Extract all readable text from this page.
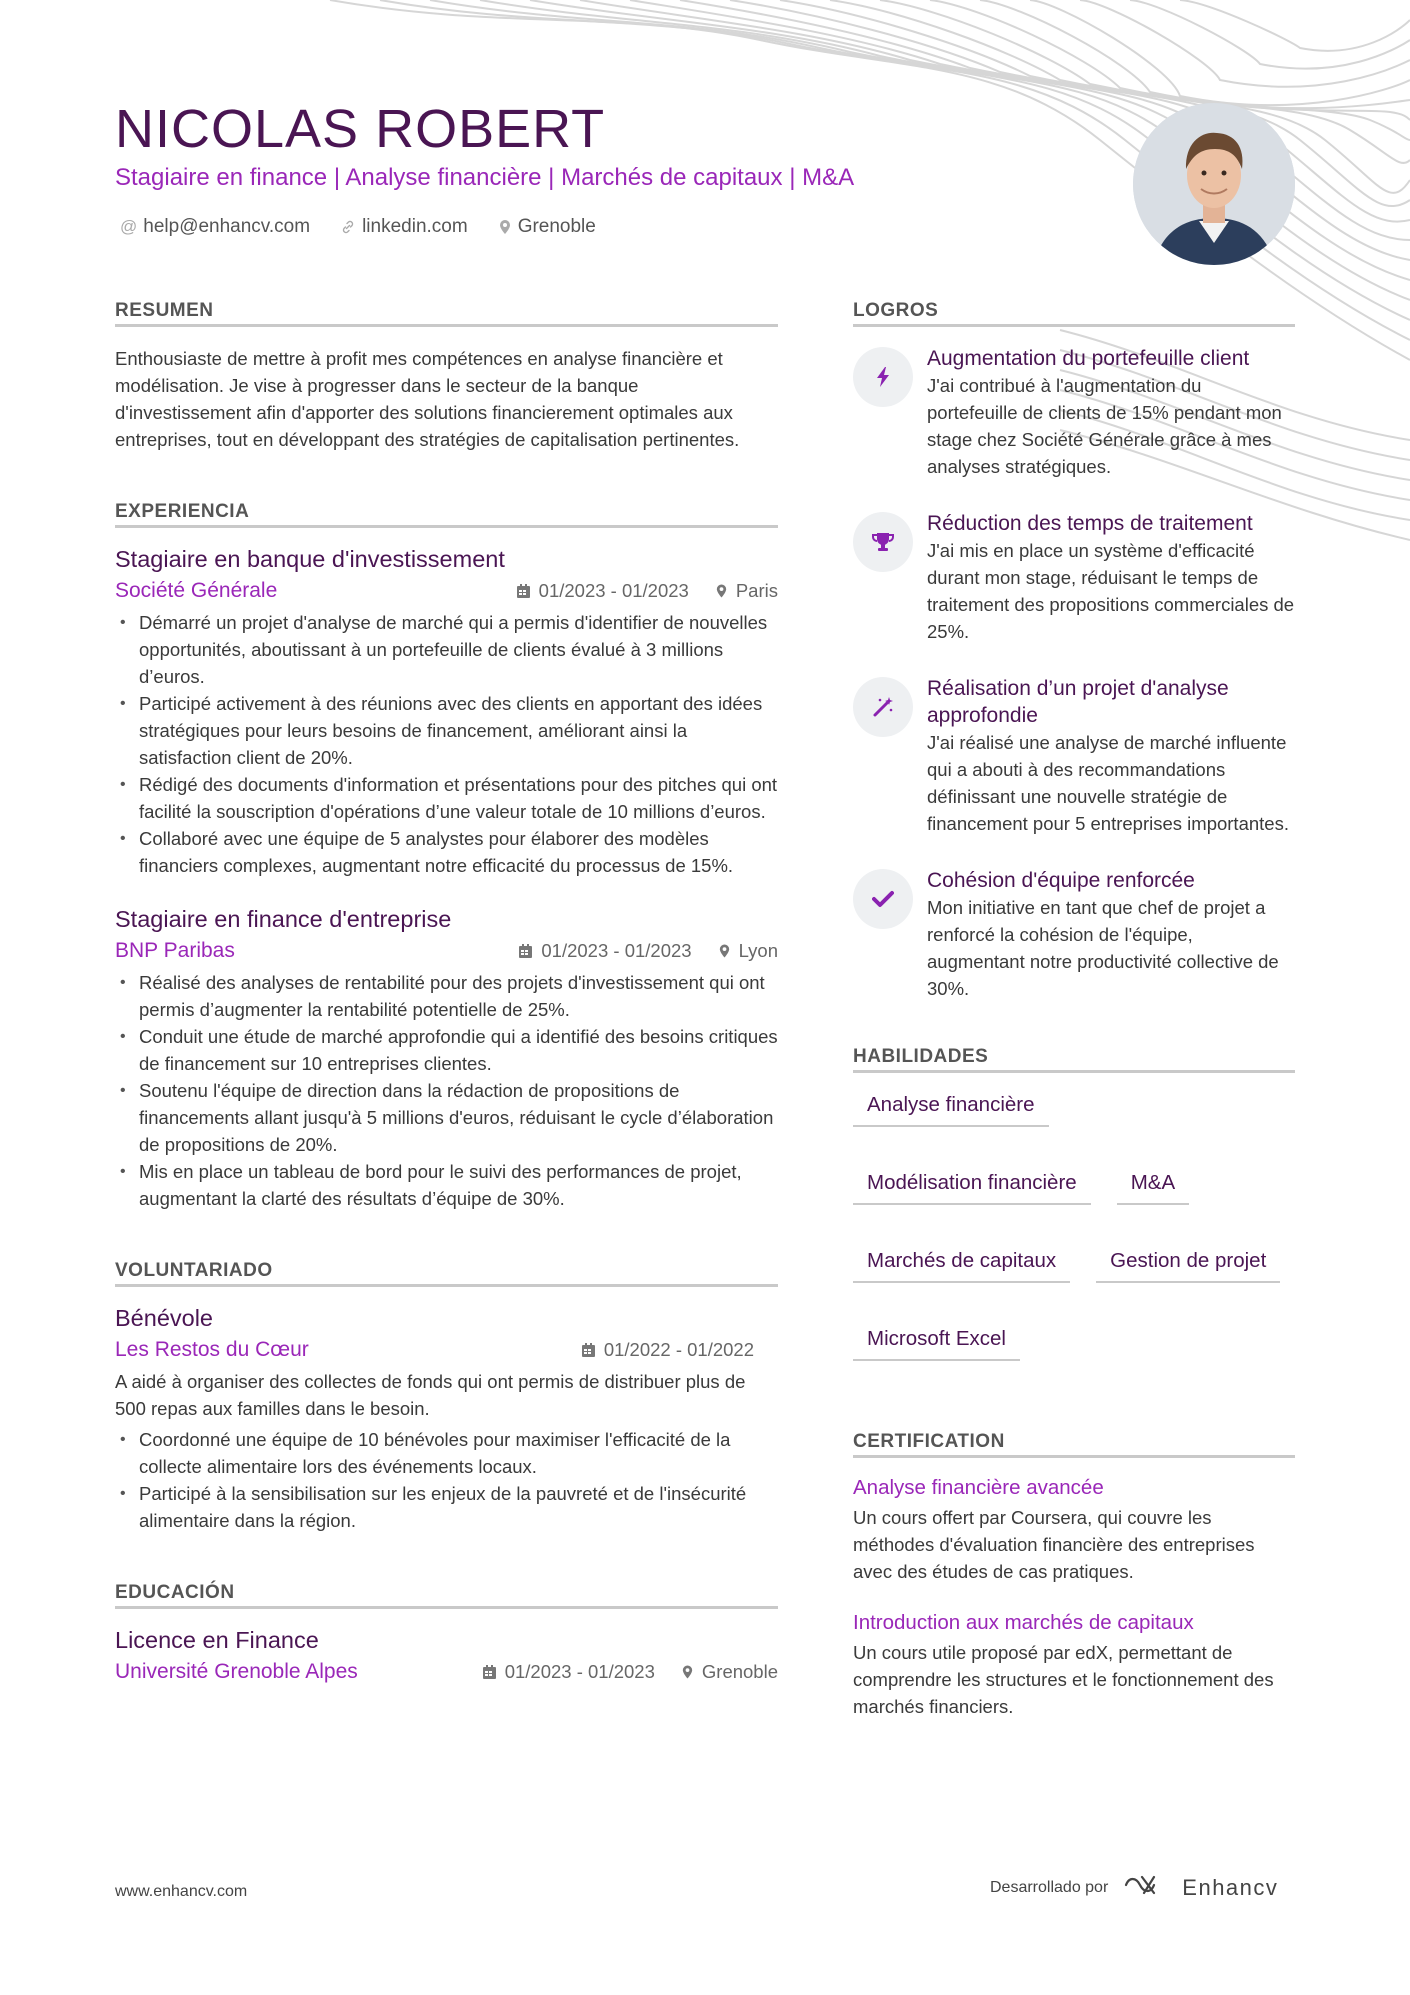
NICOLAS ROBERT
Stagiaire en finance | Analyse financière | Marchés de capitaux | M&A
@ help@enhancv.com	linkedin.com	Grenoble
RESUMEN

Enthousiaste de mettre à profit mes compétences en analyse financière et modélisation. Je vise à progresser dans le secteur de la banque d'investissement afin d'apporter des solutions financierement optimales aux entreprises, tout en développant des stratégies de capitalisation pertinentes.

EXPERIENCIA
Stagiaire en banque d'investissement
Société Générale	01/2023 - 01/2023	Paris
• Démarré un projet d'analyse de marché qui a permis d'identifier de nouvelles opportunités, aboutissant à un portefeuille de clients évalué à 3 millions d’euros.
• Participé activement à des réunions avec des clients en apportant des idées stratégiques pour leurs besoins de financement, améliorant ainsi la satisfaction client de 20%.
• Rédigé des documents d'information et présentations pour des pitches qui ont facilité la souscription d'opérations d’une valeur totale de 10 millions d’euros.
• Collaboré avec une équipe de 5 analystes pour élaborer des modèles financiers complexes, augmentant notre efficacité du processus de 15%.
Stagiaire en finance d'entreprise
BNP Paribas	01/2023 - 01/2023	Lyon
• Réalisé des analyses de rentabilité pour des projets d'investissement qui ont permis d’augmenter la rentabilité potentielle de 25%.
• Conduit une étude de marché approfondie qui a identifié des besoins critiques de financement sur 10 entreprises clientes.
• Soutenu l'équipe de direction dans la rédaction de propositions de financements allant jusqu'à 5 millions d'euros, réduisant le cycle d’élaboration de propositions de 20%.
• Mis en place un tableau de bord pour le suivi des performances de projet, augmentant la clarté des résultats d’équipe de 30%.
VOLUNTARIADO
Bénévole
Les Restos du Cœur	01/2022 - 01/2022

A aidé à organiser des collectes de fonds qui ont permis de distribuer plus de 500 repas aux familles dans le besoin.

• Coordonné une équipe de 10 bénévoles pour maximiser l'efficacité de la collecte alimentaire lors des événements locaux.
• Participé à la sensibilisation sur les enjeux de la pauvreté et de l'insécurité alimentaire dans la région.
EDUCACIÓN
Licence en Finance
Université Grenoble Alpes	01/2023 - 01/2023	Grenoble
LOGROS
Augmentation du portefeuille client

J'ai contribué à l'augmentation du portefeuille de clients de 15% pendant mon stage chez Société Générale grâce à mes analyses stratégiques.

Réduction des temps de traitement

J'ai mis en place un système d'efficacité durant mon stage, réduisant le temps de traitement des propositions commerciales de 25%.

Réalisation d’un projet d'analyse approfondie

J'ai réalisé une analyse de marché influente qui a abouti à des recommandations définissant une nouvelle stratégie de financement pour 5 entreprises importantes.

Cohésion d'équipe renforcée

Mon initiative en tant que chef de projet a renforcé la cohésion de l'équipe, augmentant notre productivité collective de 30%.

HABILIDADES
Analyse financière
Modélisation financière	M&A
Marchés de capitaux	Gestion de projet
Microsoft Excel
CERTIFICATION
Analyse financière avancée

Un cours offert par Coursera, qui couvre les méthodes d'évaluation financière des entreprises avec des études de cas pratiques.

Introduction aux marchés de capitaux

Un cours utile proposé par edX, permettant de comprendre les structures et le fonctionnement des marchés financiers.

www.enhancv.com	Desarrollado por	Enhancv
